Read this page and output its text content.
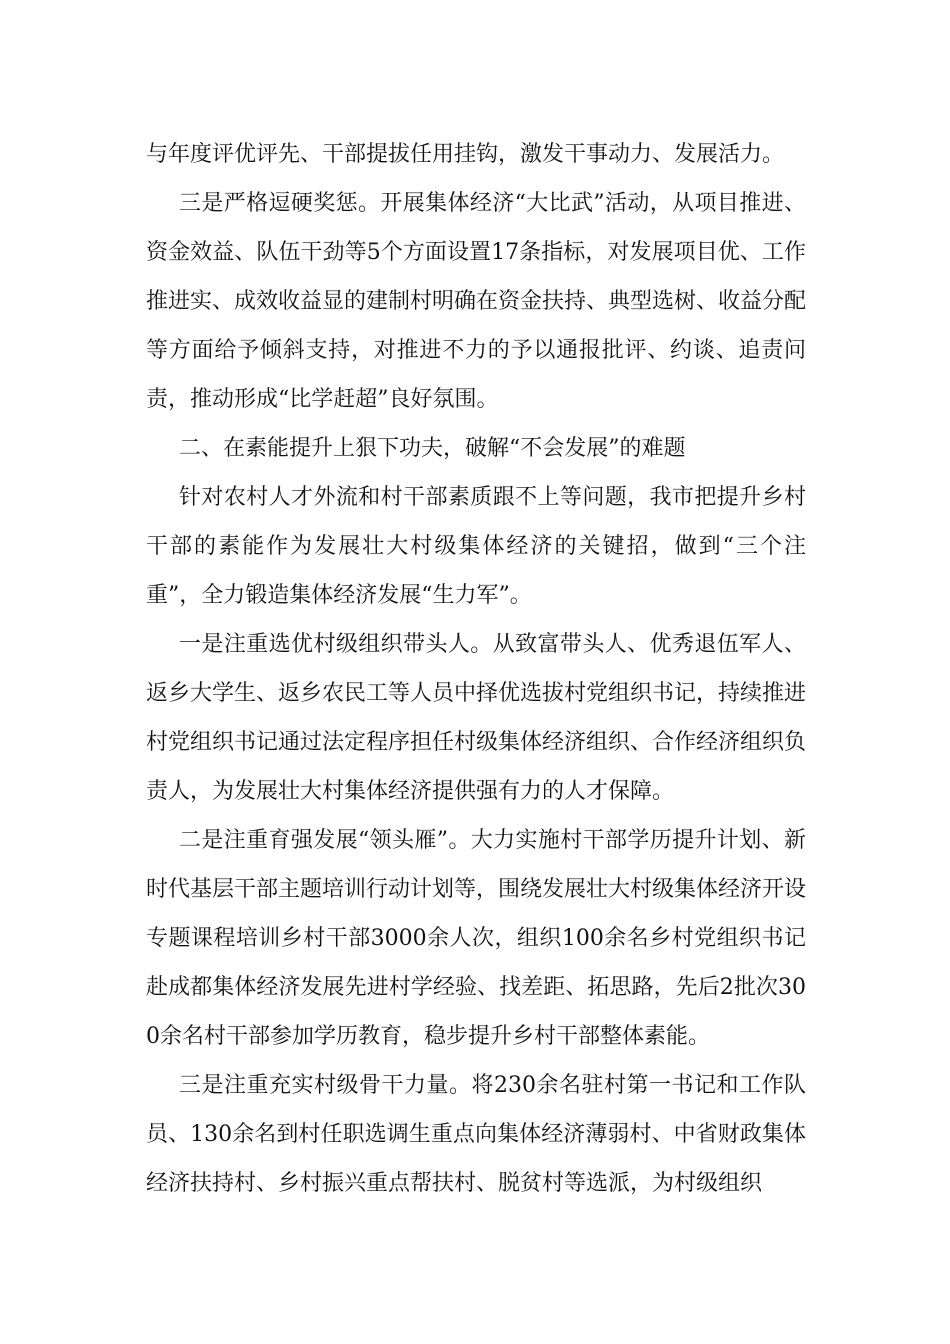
与年度评优评先、干部提拔任用挂钩，激发干事动力、发展活力。

三是严格逗硬奖惩。开展集体经济“大比武”活动，从项目推进、资金效益、队伍干劲等5个方面设置17条指标，对发展项目优、工作推进实、成效收益显的建制村明确在资金扶持、典型选树、收益分配等方面给予倾斜支持，对推进不力的予以通报批评、约谈、追责问责，推动形成“比学赶超”良好氛围。

二、在素能提升上狠下功夫，破解“不会发展”的难题

针对农村人才外流和村干部素质跟不上等问题，我市把提升乡村干部的素能作为发展壮大村级集体经济的关键招，做到“三个注重”，全力锻造集体经济发展“生力军”。

一是注重选优村级组织带头人。从致富带头人、优秀退伍军人、返乡大学生、返乡农民工等人员中择优选拔村党组织书记，持续推进村党组织书记通过法定程序担任村级集体经济组织、合作经济组织负责人，为发展壮大村集体经济提供强有力的人才保障。

二是注重育强发展“领头雁”。大力实施村干部学历提升计划、新时代基层干部主题培训行动计划等，围绕发展壮大村级集体经济开设专题课程培训乡村干部3000余人次，组织100余名乡村党组织书记赴成都集体经济发展先进村学经验、找差距、拓思路，先后2批次300余名村干部参加学历教育，稳步提升乡村干部整体素能。

三是注重充实村级骨干力量。将230余名驻村第一书记和工作队员、130余名到村任职选调生重点向集体经济薄弱村、中省财政集体经济扶持村、乡村振兴重点帮扶村、脱贫村等选派，为村级组织
